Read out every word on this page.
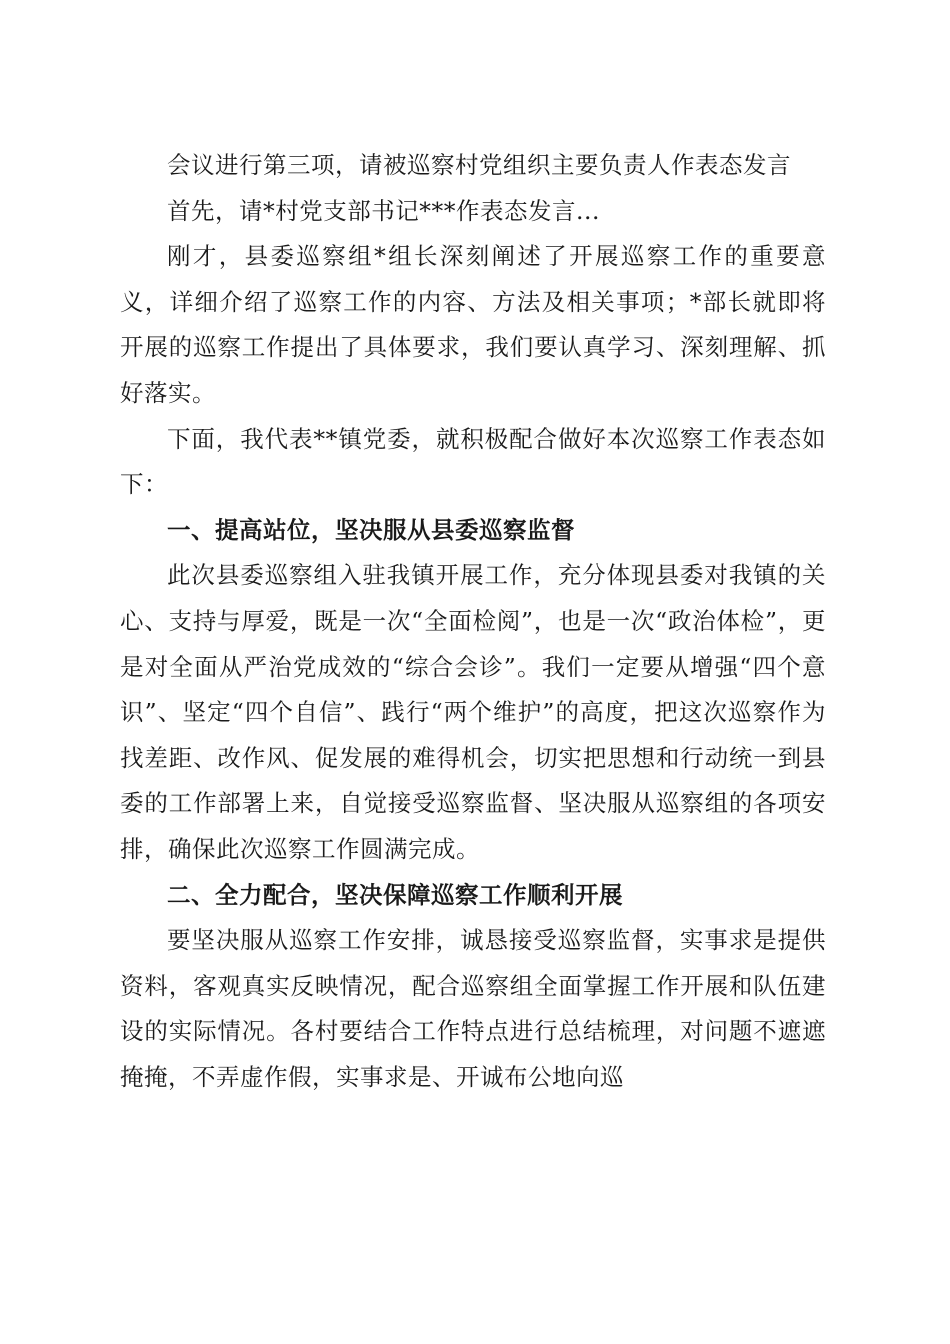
会议进行第三项，请被巡察村党组织主要负责人作表态发言

首先，请*村党支部书记***作表态发言...

刚才，县委巡察组*组长深刻阐述了开展巡察工作的重要意义，详细介绍了巡察工作的内容、方法及相关事项；*部长就即将开展的巡察工作提出了具体要求，我们要认真学习、深刻理解、抓好落实。

下面，我代表**镇党委，就积极配合做好本次巡察工作表态如下：

一、提高站位，坚决服从县委巡察监督

此次县委巡察组入驻我镇开展工作，充分体现县委对我镇的关心、支持与厚爱，既是一次“全面检阅”，也是一次“政治体检”，更是对全面从严治党成效的“综合会诊”。我们一定要从增强“四个意识”、坚定“四个自信”、践行“两个维护”的高度，把这次巡察作为找差距、改作风、促发展的难得机会，切实把思想和行动统一到县委的工作部署上来，自觉接受巡察监督、坚决服从巡察组的各项安排，确保此次巡察工作圆满完成。

二、全力配合，坚决保障巡察工作顺利开展

要坚决服从巡察工作安排，诚恳接受巡察监督，实事求是提供资料，客观真实反映情况，配合巡察组全面掌握工作开展和队伍建设的实际情况。各村要结合工作特点进行总结梳理，对问题不遮遮掩掩，不弄虚作假，实事求是、开诚布公地向巡
